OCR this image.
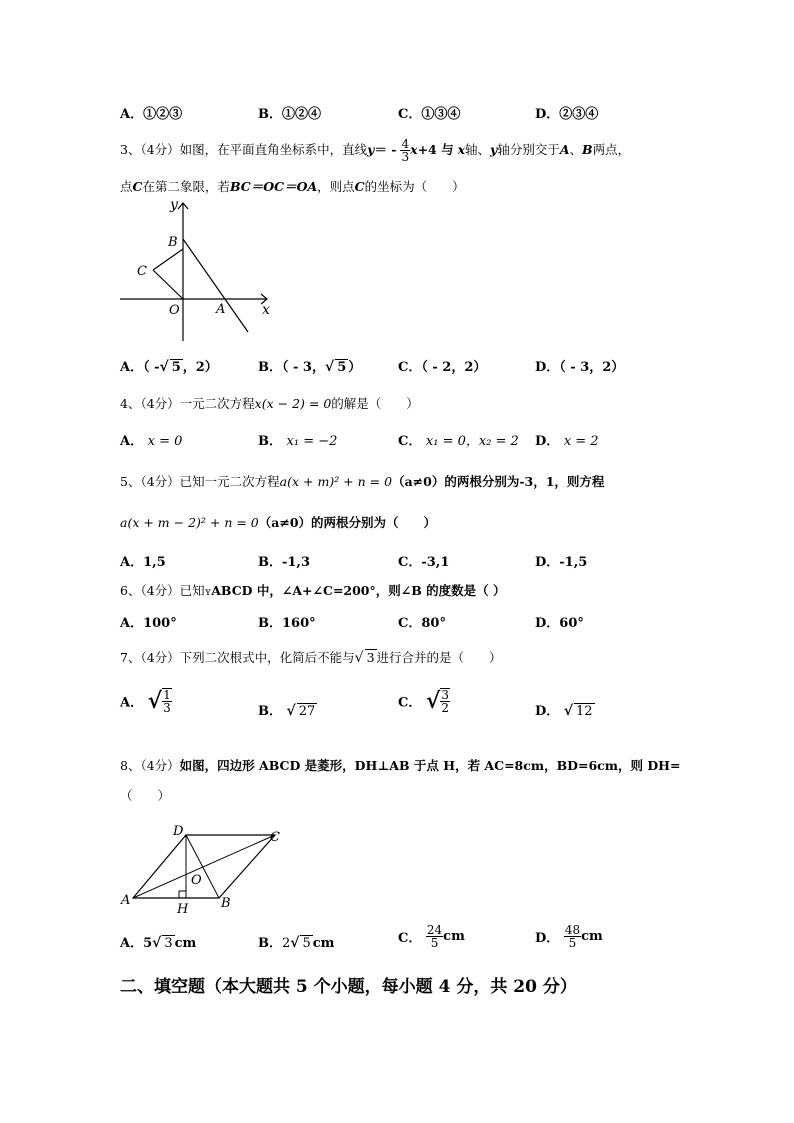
A．①②③	B．①②④	C．①③④	D．②③④
3、（4分）如图，在平面直角坐标系中，直线$y= - \frac{4}{3} x+4$ 与 x轴、y轴分别交于A、B两点，
点C在第二象限，若BC＝OC＝OA，则点C的坐标为（　　）
y
B
C
O	A	x
A．（ -√ 5 ，2）	B．（ - 3，√ 5 ）	C．（ - 2，2）	D．（ - 3，2）
4、（4分）一元二次方程x(x − 2) = 0的解是（　　）
A． x = 0	B． x₁ = −2	C． x₁ = 0，x₂ = 2 D． x = 2
5、（4分）已知一元二次方程a(x + m)² + n = 0（a≠0）的两根分别为-3，1，则方程
a(x + m − 2)² + n = 0（a≠0）的两根分别为（　　）
A．1,5	B．-1,3	C．-3,1	D．-1,5
6、（4分）已知ʏABCD 中，∠A+∠C=200°，则∠B 的度数是（ ）
A．100°	B．160°	C．80°	D．60°
7、（4分）下列二次根式中，化简后不能与√ 3 进行合并的是（　　）
A． √ $\frac{1}{3}$	B． √ 27
C． √ $\frac{3}{2}$	D． √ 12
8、（4分）如图，四边形 ABCD 是菱形，DH⊥AB 于点 H，若 AC=8cm，BD=6cm，则 DH=
（　　）
D	C
O
A
H	B
A．5√ 3 cm	B．2√ 5 cm	C． $\frac{24}{5}$ cm	D． $\frac{48}{5}$ cm
二、填空题（本大题共 5 个小题，每小题 4 分，共 20 分）
